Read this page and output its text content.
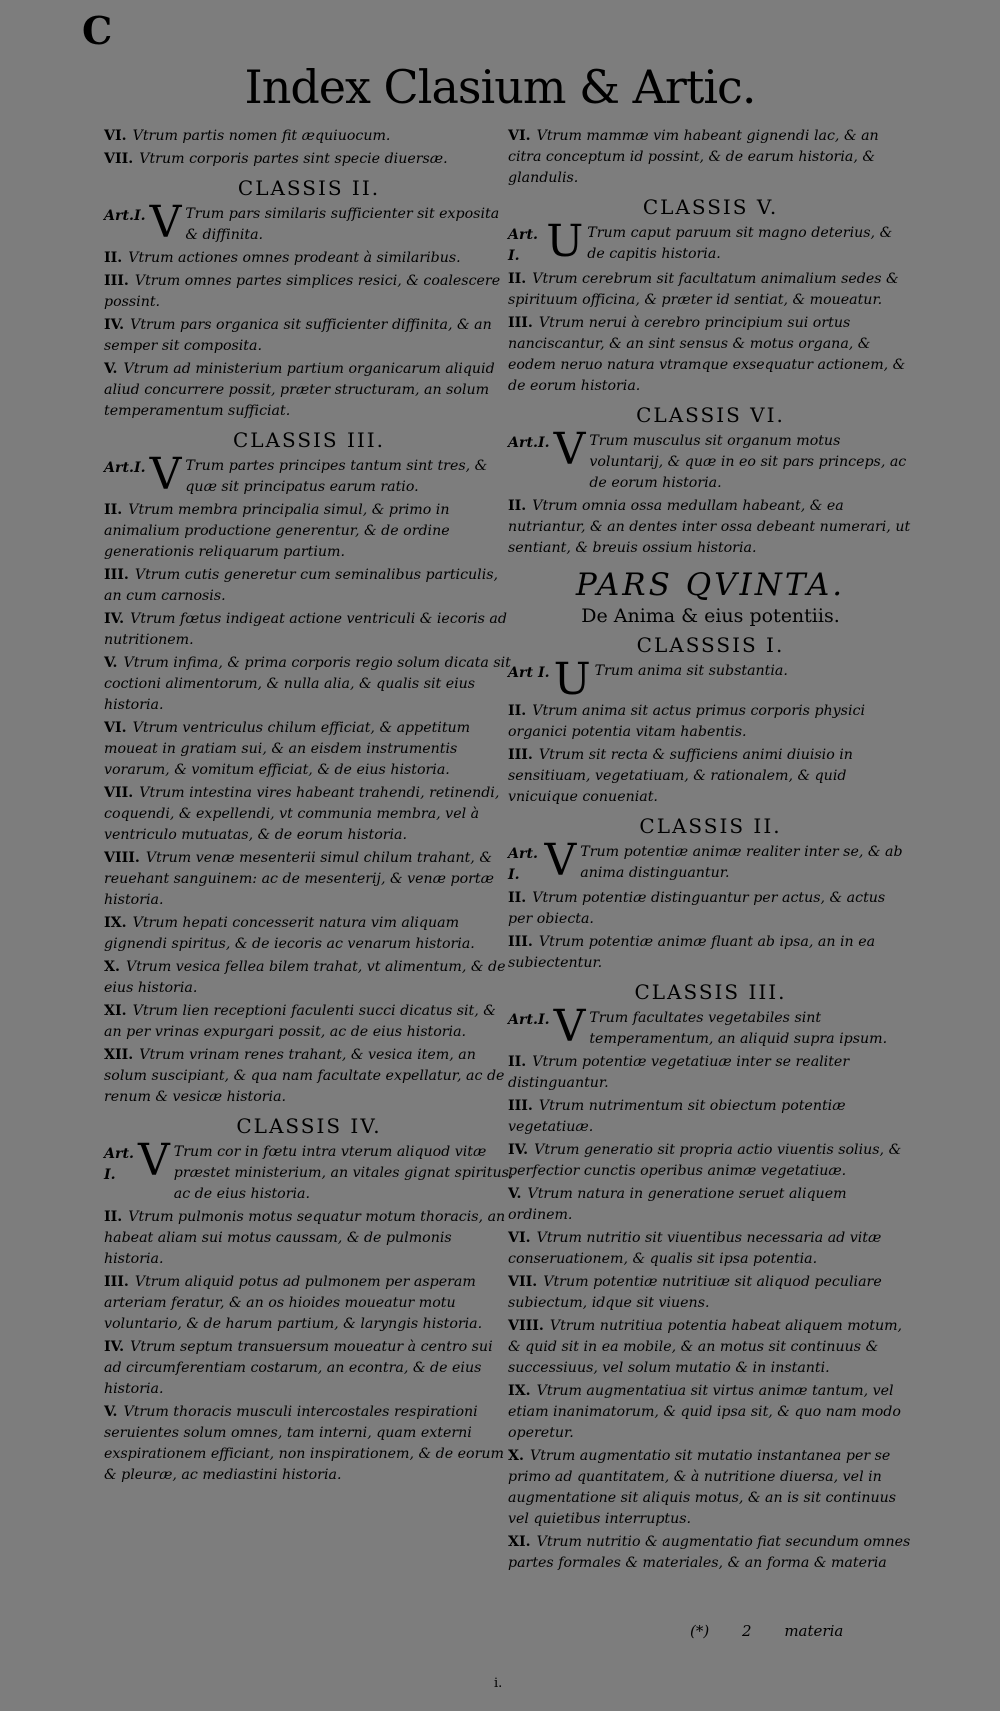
C
Index Clasium & Artic.
VI. Vtrum partis nomen fit æquiuocum.
VII. Vtrum corporis partes sint specie diuersæ.
CLASSIS II.
Art.I. V Trum pars similaris sufficienter sit exposita & diffinita.
II. Vtrum actiones omnes prodeant à similaribus.
III. Vtrum omnes partes simplices resici, & coalescere possint.
IV. Vtrum pars organica sit sufficienter diffinita, & an semper sit composita.
V. Vtrum ad ministerium partium organicarum aliquid aliud concurrere possit, præter structuram, an solum temperamentum sufficiat.
CLASSIS III.
Art.I. V Trum partes principes tantum sint tres, & quæ sit principatus earum ratio.
II. Vtrum membra principalia simul, & primo in animalium productione generentur, & de ordine generationis reliquarum partium.
III. Vtrum cutis generetur cum seminalibus particulis, an cum carnosis.
IV. Vtrum fœtus indigeat actione ventriculi & iecoris ad nutritionem.
V. Vtrum infima, & prima corporis regio solum dicata sit coctioni alimentorum, & nulla alia, & qualis sit eius historia.
VI. Vtrum ventriculus chilum efficiat, & appetitum moueat in gratiam sui, & an eisdem instrumentis vorarum, & vomitum efficiat, & de eius historia.
VII. Vtrum intestina vires habeant trahendi, retinendi, coquendi, & expellendi, vt communia membra, vel à ventriculo mutuatas, & de eorum historia.
VIII. Vtrum venæ mesenterii simul chilum trahant, & reuehant sanguinem: ac de mesenterij, & venæ portæ historia.
IX. Vtrum hepati concesserit natura vim aliquam gignendi spiritus, & de iecoris ac venarum historia.
X. Vtrum vesica fellea bilem trahat, vt alimentum, & de eius historia.
XI. Vtrum lien receptioni faculenti succi dicatus sit, & an per vrinas expurgari possit, ac de eius historia.
XII. Vtrum vrinam renes trahant, & vesica item, an solum suscipiant, & qua nam facultate expellatur, ac de renum & vesicæ historia.
CLASSIS IV.
Art. I. V Trum cor in fœtu intra vterum aliquod vitæ præstet ministerium, an vitales gignat spiritus, ac de eius historia.
II. Vtrum pulmonis motus sequatur motum thoracis, an habeat aliam sui motus caussam, & de pulmonis historia.
III. Vtrum aliquid potus ad pulmonem per asperam arteriam feratur, & an os hioides moueatur motu voluntario, & de harum partium, & laryngis historia.
IV. Vtrum septum transuersum moueatur à centro sui ad circumferentiam costarum, an econtra, & de eius historia.
V. Vtrum thoracis musculi intercostales respirationi seruientes solum omnes, tam interni, quam externi exspirationem efficiant, non inspirationem, & de eorum & pleuræ, ac mediastini historia.
VI. Vtrum mammæ vim habeant gignendi lac, & an citra conceptum id possint, & de earum historia, & glandulis.
CLASSIS V.
Art. I. U Trum caput paruum sit magno deterius, & de capitis historia.
II. Vtrum cerebrum sit facultatum animalium sedes & spirituum officina, & præter id sentiat, & moueatur.
III. Vtrum nerui à cerebro principium sui ortus nanciscantur, & an sint sensus & motus organa, & eodem neruo natura vtramque exsequatur actionem, & de eorum historia.
CLASSIS VI.
Art.I. V Trum musculus sit organum motus voluntarij, & quæ in eo sit pars princeps, ac de eorum historia.
II. Vtrum omnia ossa medullam habeant, & ea nutriantur, & an dentes inter ossa debeant numerari, ut sentiant, & breuis ossium historia.
PARS QVINTA.
De Anima & eius potentiis.
CLASSSIS I.
Art I. U Trum anima sit substantia.
II. Vtrum anima sit actus primus corporis physici organici potentia vitam habentis.
III. Vtrum sit recta & sufficiens animi diuisio in sensitiuam, vegetatiuam, & rationalem, & quid vnicuique conueniat.
CLASSIS II.
Art. I. V Trum potentiæ animæ realiter inter se, & ab anima distinguantur.
II. Vtrum potentiæ distinguantur per actus, & actus per obiecta.
III. Vtrum potentiæ animæ fluant ab ipsa, an in ea subiectentur.
CLASSIS III.
Art.I. V Trum facultates vegetabiles sint temperamentum, an aliquid supra ipsum.
II. Vtrum potentiæ vegetatiuæ inter se realiter distinguantur.
III. Vtrum nutrimentum sit obiectum potentiæ vegetatiuæ.
IV. Vtrum generatio sit propria actio viuentis solius, & perfectior cunctis operibus animæ vegetatiuæ.
V. Vtrum natura in generatione seruet aliquem ordinem.
VI. Vtrum nutritio sit viuentibus necessaria ad vitæ conseruationem, & qualis sit ipsa potentia.
VII. Vtrum potentiæ nutritiuæ sit aliquod peculiare subiectum, idque sit viuens.
VIII. Vtrum nutritiua potentia habeat aliquem motum, & quid sit in ea mobile, & an motus sit continuus & successiuus, vel solum mutatio & in instanti.
IX. Vtrum augmentatiua sit virtus animæ tantum, vel etiam inanimatorum, & quid ipsa sit, & quo nam modo operetur.
X. Vtrum augmentatio sit mutatio instantanea per se primo ad quantitatem, & à nutritione diuersa, vel in augmentatione sit aliquis motus, & an is sit continuus vel quietibus interruptus.
XI. Vtrum nutritio & augmentatio fiat secundum omnes partes formales & materiales, & an forma & materia
(*) 2 materia
i.
